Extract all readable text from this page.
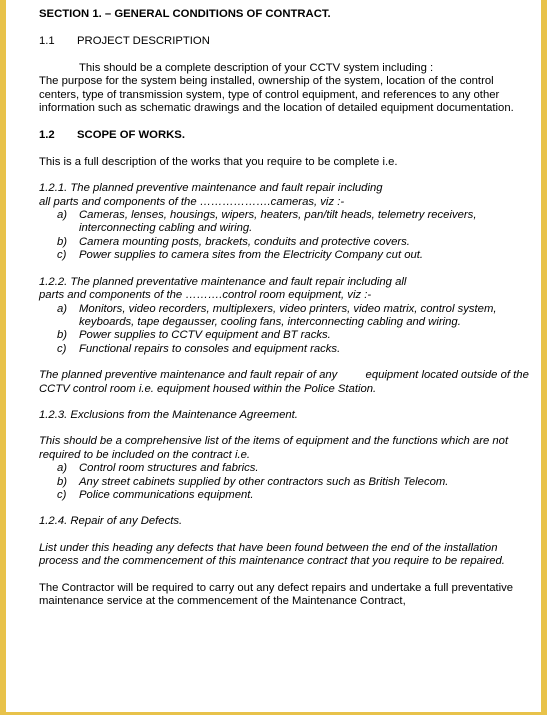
SECTION 1. – GENERAL CONDITIONS OF CONTRACT.

1.1 PROJECT DESCRIPTION

This should be a complete description of your CCTV system including :

The purpose for the system being installed, ownership of the system, location of the control centers, type of transmission system, type of control equipment, and references to any other information such as schematic drawings and the location of detailed equipment documentation.

1.2 SCOPE OF WORKS.

This is a full description of the works that you require to be complete i.e.

1.2.1. The planned preventive maintenance and fault repair including

all parts and components of the ……………….cameras, viz :-

a) Cameras, lenses, housings, wipers, heaters, pan/tilt heads, telemetry receivers, interconnecting cabling and wiring.
b) Camera mounting posts, brackets, conduits and protective covers.
c) Power supplies to camera sites from the Electricity Company cut out.

1.2.2. The planned preventative maintenance and fault repair including all

parts and components of the ……….control room equipment, viz :-

a) Monitors, video recorders, multiplexers, video printers, video matrix, control system, keyboards, tape degausser, cooling fans, interconnecting cabling and wiring.
b) Power supplies to CCTV equipment and BT racks.
c) Functional repairs to consoles and equipment racks.

The planned preventive maintenance and fault repair of any         equipment located outside of the CCTV control room i.e. equipment housed within the Police Station.

1.2.3. Exclusions from the Maintenance Agreement.

This should be a comprehensive list of the items of equipment and the functions which are not required to be included on the contract i.e.

a) Control room structures and fabrics.
b) Any street cabinets supplied by other contractors such as British Telecom.
c) Police communications equipment.

1.2.4. Repair of any Defects.

List under this heading any defects that have been found between the end of the installation process and the commencement of this maintenance contract that you require to be repaired.

The Contractor will be required to carry out any defect repairs and undertake a full preventative maintenance service at the commencement of the Maintenance Contract,
